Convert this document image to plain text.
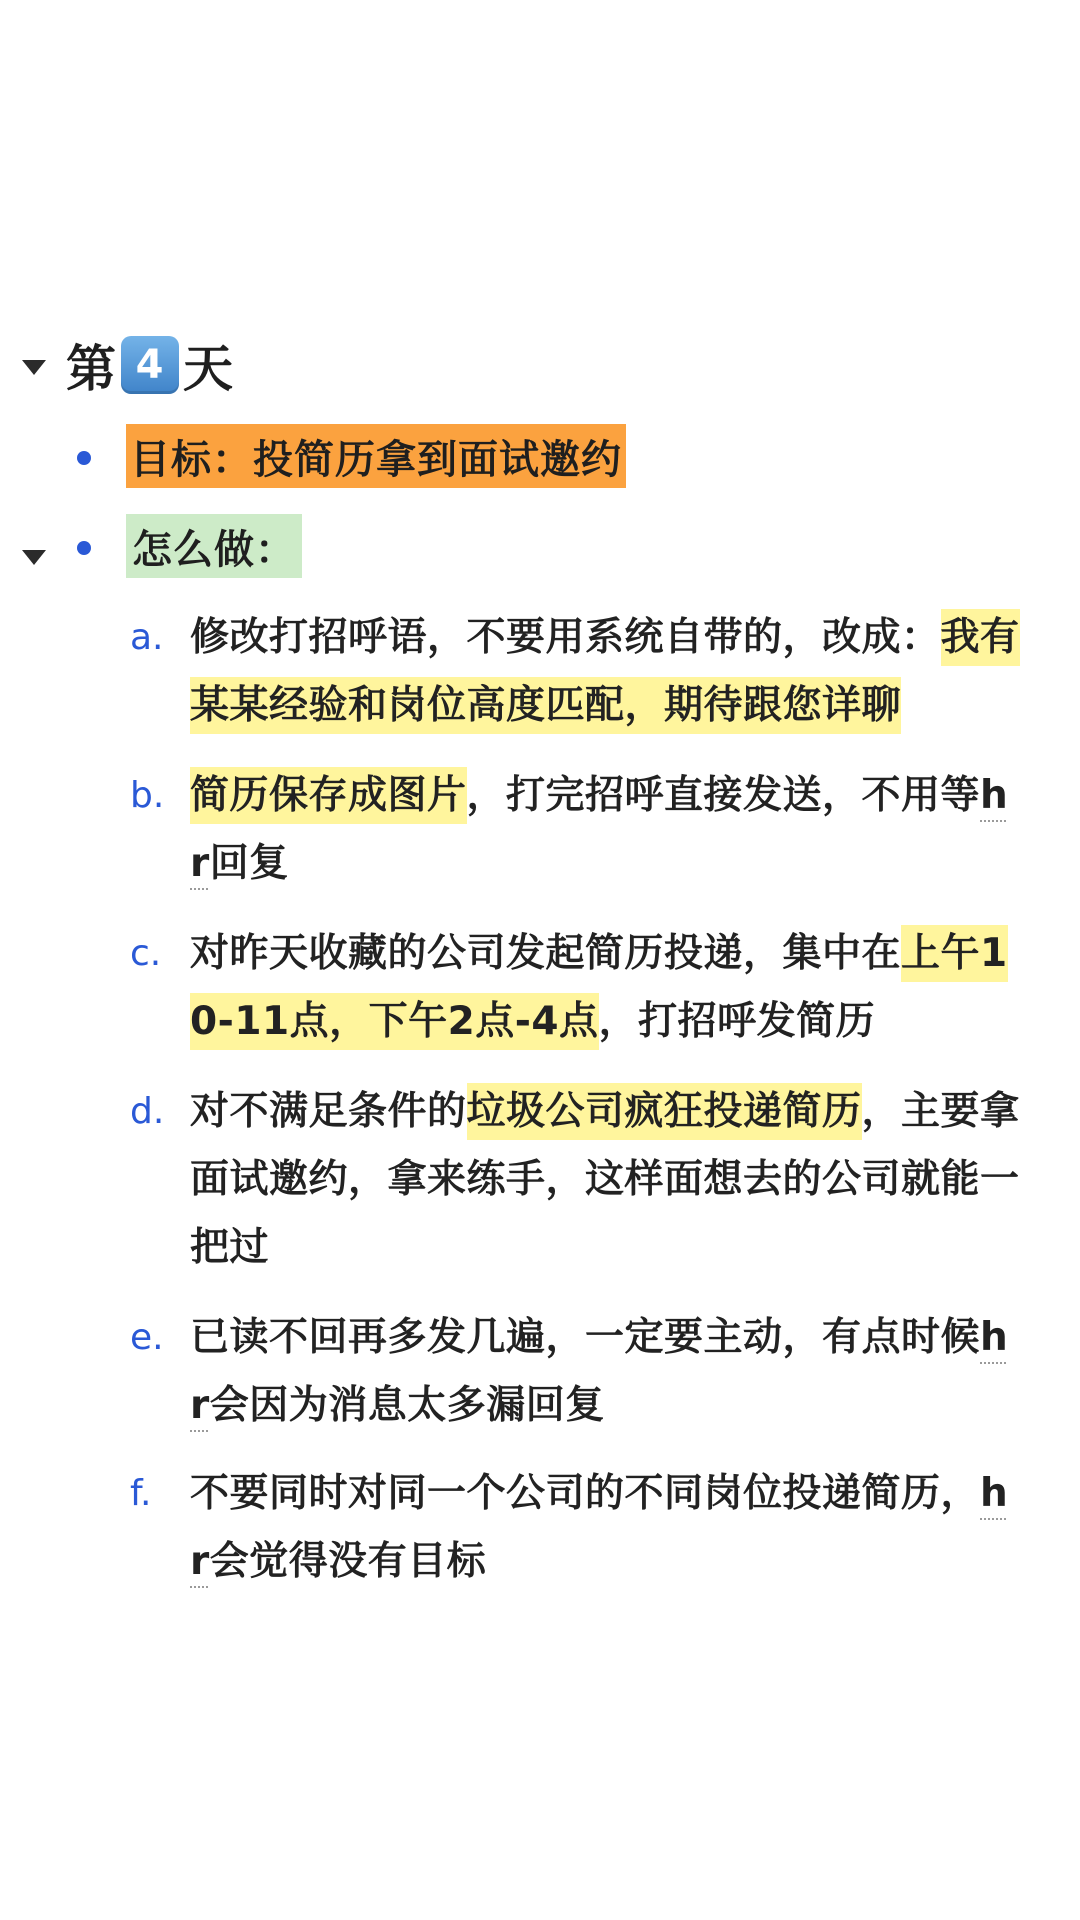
第 4 天
目标：投简历拿到面试邀约
怎么做：
a. 修改打招呼语，不要用系统自带的，改成：我有某某经验和岗位高度匹配，期待跟您详聊
b. 简历保存成图片，打完招呼直接发送，不用等hr回复
c. 对昨天收藏的公司发起简历投递，集中在上午10-11点，下午2点-4点，打招呼发简历
d. 对不满足条件的垃圾公司疯狂投递简历，主要拿面试邀约，拿来练手，这样面想去的公司就能一把过
e. 已读不回再多发几遍，一定要主动，有点时候hr会因为消息太多漏回复
f. 不要同时对同一个公司的不同岗位投递简历，hr会觉得没有目标
